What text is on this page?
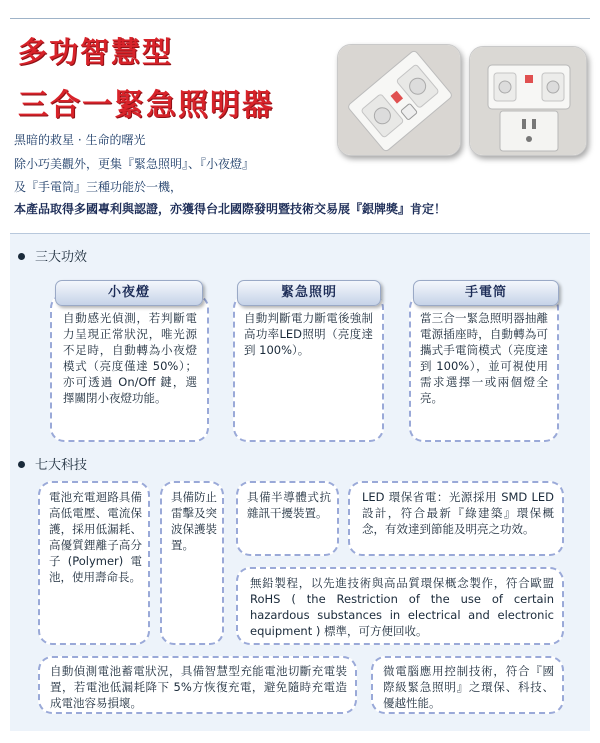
多功智慧型
三合一緊急照明器
黑暗的救星 · 生命的曙光
除小巧美觀外，更集『緊急照明』、『小夜燈』
及『手電筒』三種功能於一機，
本產品取得多國專利與認證，亦獲得台北國際發明暨技術交易展『銀牌獎』肯定！
三大功效
自動感光偵測，若判斷電力呈現正常狀況，唯光源不足時，自動轉為小夜燈模式（亮度僅達 50%）；亦可透過 On/Off 鍵，選擇關閉小夜燈功能。
小夜燈
自動判斷電力斷電後強制高功率LED照明（亮度達到 100%）。
緊急照明
當三合一緊急照明器抽離電源插座時，自動轉為可攜式手電筒模式（亮度達到 100%），並可視使用需求選擇一或兩個燈全亮。
手電筒
七大科技
電池充電迴路具備高低電壓、電流保護，採用低漏耗、高優質鋰離子高分子(Polymer)電池，使用壽命長。
具備防止雷擊及突波保護裝置。
具備半導體式抗雜訊干擾裝置。
LED 環保省電：光源採用 SMD LED 設計，符合最新『綠建築』環保概念，有效達到節能及明亮之功效。
無鉛製程，以先進技術與高品質環保概念製作，符合歐盟 RoHS ( the Restriction of the use of certain hazardous substances in electrical and electronic equipment ) 標準，可方便回收。
自動偵測電池蓄電狀況，具備智慧型充能電池切斷充電裝置，若電池低漏耗降下 5%方恢復充電，避免隨時充電造成電池容易損壞。
微電腦應用控制技術，符合『國際級緊急照明』之環保、科技、優越性能。
